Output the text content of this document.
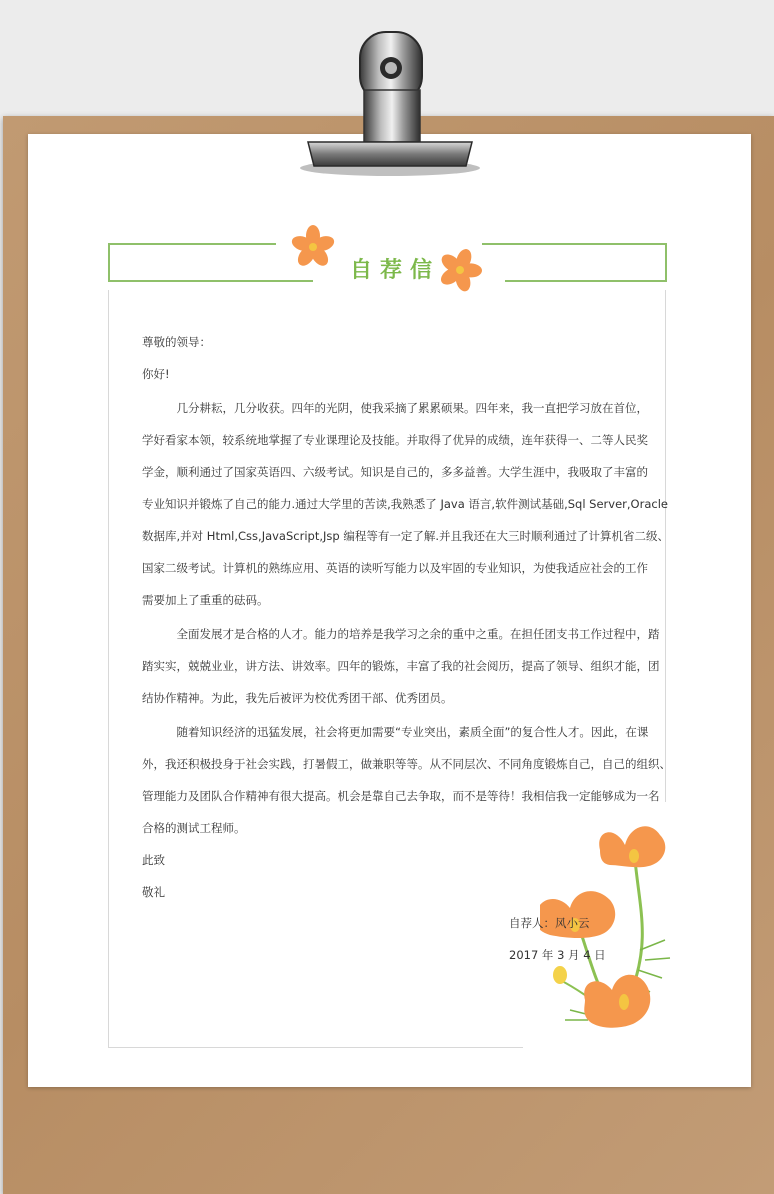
自荐信
尊敬的领导：
你好!
　　　几分耕耘，几分收获。四年的光阴，使我采摘了累累硕果。四年来，我一直把学习放在首位，
学好看家本领，较系统地掌握了专业课理论及技能。并取得了优异的成绩，连年获得一、二等人民奖
学金，顺利通过了国家英语四、六级考试。知识是自己的，多多益善。大学生涯中，我吸取了丰富的
专业知识并锻炼了自己的能力.通过大学里的苦读,我熟悉了 Java 语言,软件测试基础,Sql Server,Oracle
数据库,并对 Html,Css,JavaScript,Jsp 编程等有一定了解.并且我还在大三时顺利通过了计算机省二级、
国家二级考试。计算机的熟练应用、英语的读听写能力以及牢固的专业知识，为使我适应社会的工作
需要加上了重重的砝码。
　　　全面发展才是合格的人才。能力的培养是我学习之余的重中之重。在担任团支书工作过程中，踏
踏实实，兢兢业业，讲方法、讲效率。四年的锻炼，丰富了我的社会阅历，提高了领导、组织才能，团
结协作精神。为此，我先后被评为校优秀团干部、优秀团员。
　　　随着知识经济的迅猛发展，社会将更加需要“专业突出，素质全面”的复合性人才。因此，在课
外，我还积极投身于社会实践，打暑假工，做兼职等等。从不同层次、不同角度锻炼自己，自己的组织、
管理能力及团队合作精神有很大提高。机会是靠自己去争取，而不是等待！我相信我一定能够成为一名
合格的测试工程师。
此致
敬礼
自荐人：风小云
2017 年 3 月 4 日
